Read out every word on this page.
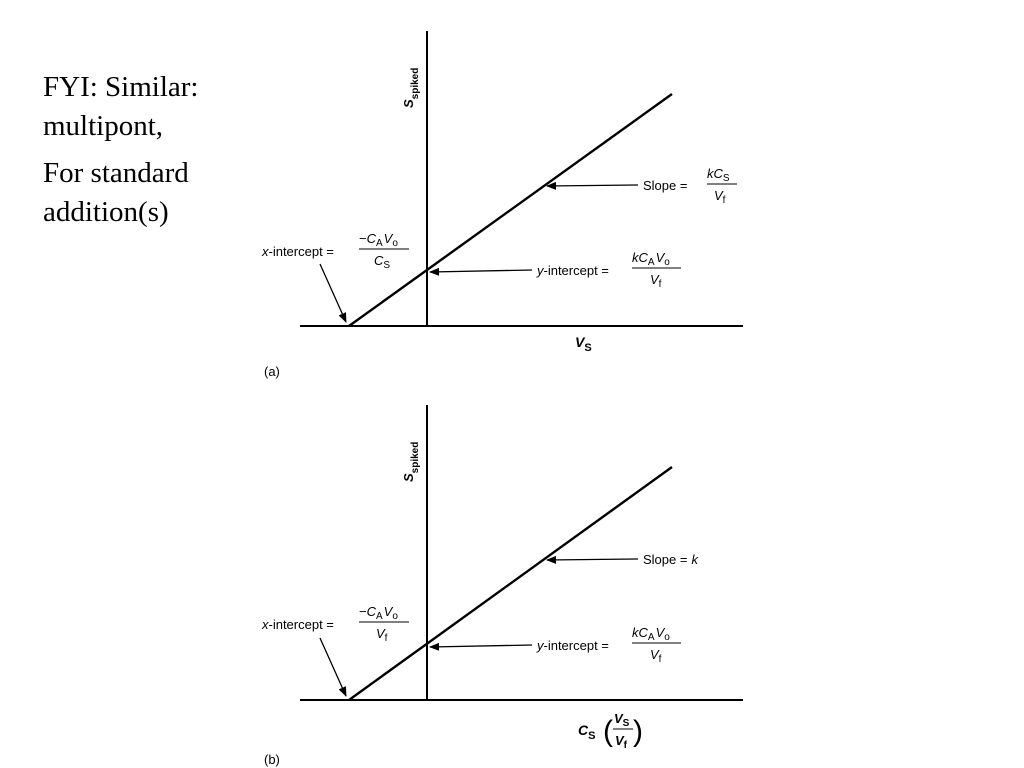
FYI: Similar:
multipont,

For standard
addition(s)

$S_{spiked}$
$V_S$
(a)
Slope =
$kC_S$
$V_f$
y-intercept =
$kC_AV_o$
$V_f$
x-intercept =
$-C_AV_o$
$C_S$
$S_{spiked}$
$C_S$ ( $V_S$
$V_f$ )
(b)
Slope = k
y-intercept =
$kC_AV_o$
$V_f$
x-intercept =
$-C_AV_o$
$V_f$
